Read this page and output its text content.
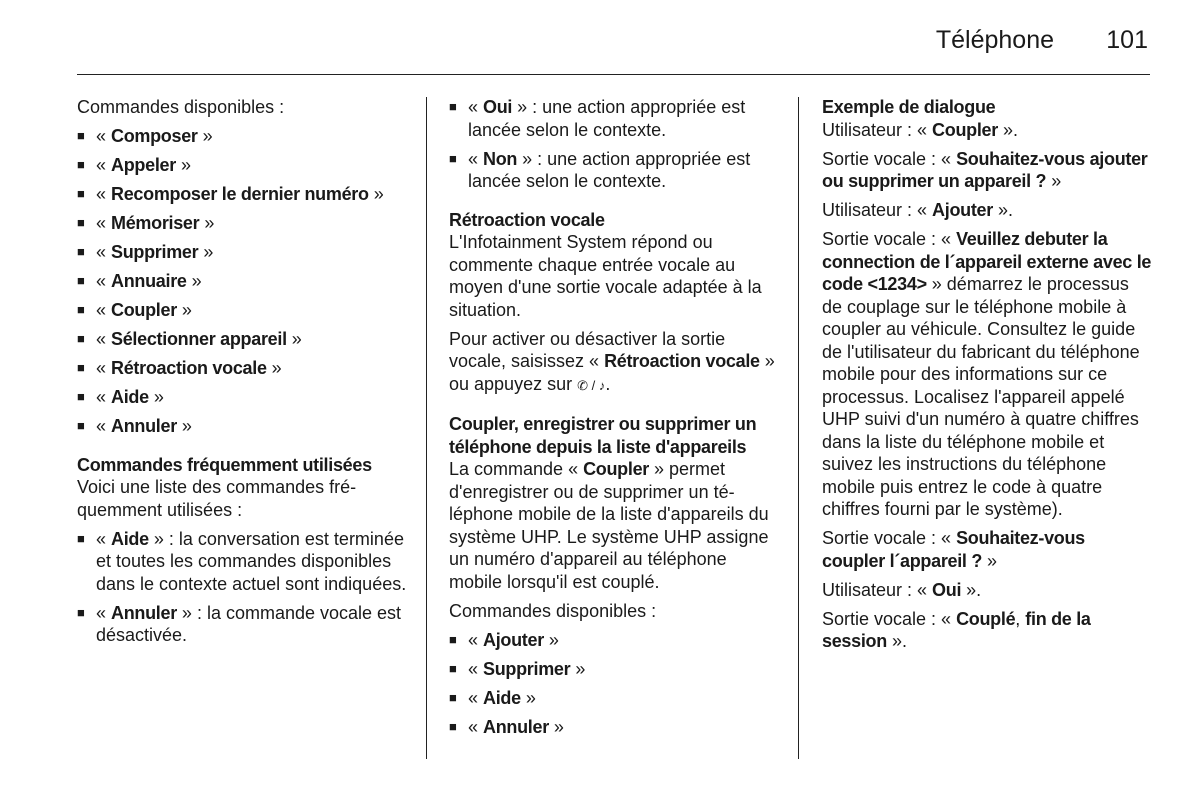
Téléphone 101

Commandes disponibles :

■ « Composer »
■ « Appeler »
■ « Recomposer le dernier numéro »
■ « Mémoriser »
■ « Supprimer »
■ « Annuaire »
■ « Coupler »
■ « Sélectionner appareil »
■ « Rétroaction vocale »
■ « Aide »
■ « Annuler »

Commandes fréquemment utilisées

Voici une liste des commandes fréquemment utilisées :

■ « Aide » : la conversation est terminée et toutes les commandes disponibles dans le contexte actuel sont indiquées.
■ « Annuler » : la commande vocale est désactivée.
■ « Oui » : une action appropriée est lancée selon le contexte.
■ « Non » : une action appropriée est lancée selon le contexte.

Rétroaction vocale

L'Infotainment System répond ou commente chaque entrée vocale au moyen d'une sortie vocale adaptée à la situation.

Pour activer ou désactiver la sortie vocale, saisissez « Rétroaction vocale » ou appuyez sur ✆ / ♪.

Coupler, enregistrer ou supprimer un téléphone depuis la liste d'appareils

La commande « Coupler » permet d'enregistrer ou de supprimer un téléphone mobile de la liste d'appareils du système UHP. Le système UHP assigne un numéro d'appareil au téléphone mobile lorsqu'il est couplé.

Commandes disponibles :

■ « Ajouter »
■ « Supprimer »
■ « Aide »
■ « Annuler »

Exemple de dialogue

Utilisateur : « Coupler ».

Sortie vocale : « Souhaitez-vous ajouter ou supprimer un appareil ? »

Utilisateur : « Ajouter ».

Sortie vocale : « Veuillez debuter la connection de l´appareil externe avec le code <1234> » démarrez le processus de couplage sur le téléphone mobile à coupler au véhicule. Consultez le guide de l'utilisateur du fabricant du téléphone mobile pour des informations sur ce processus. Localisez l'appareil appelé UHP suivi d'un numéro à quatre chiffres dans la liste du téléphone mobile et suivez les instructions du téléphone mobile puis entrez le code à quatre chiffres fourni par le système).

Sortie vocale : « Souhaitez-vous coupler l´appareil ? »

Utilisateur : « Oui ».

Sortie vocale : « Couplé, fin de la session ».
